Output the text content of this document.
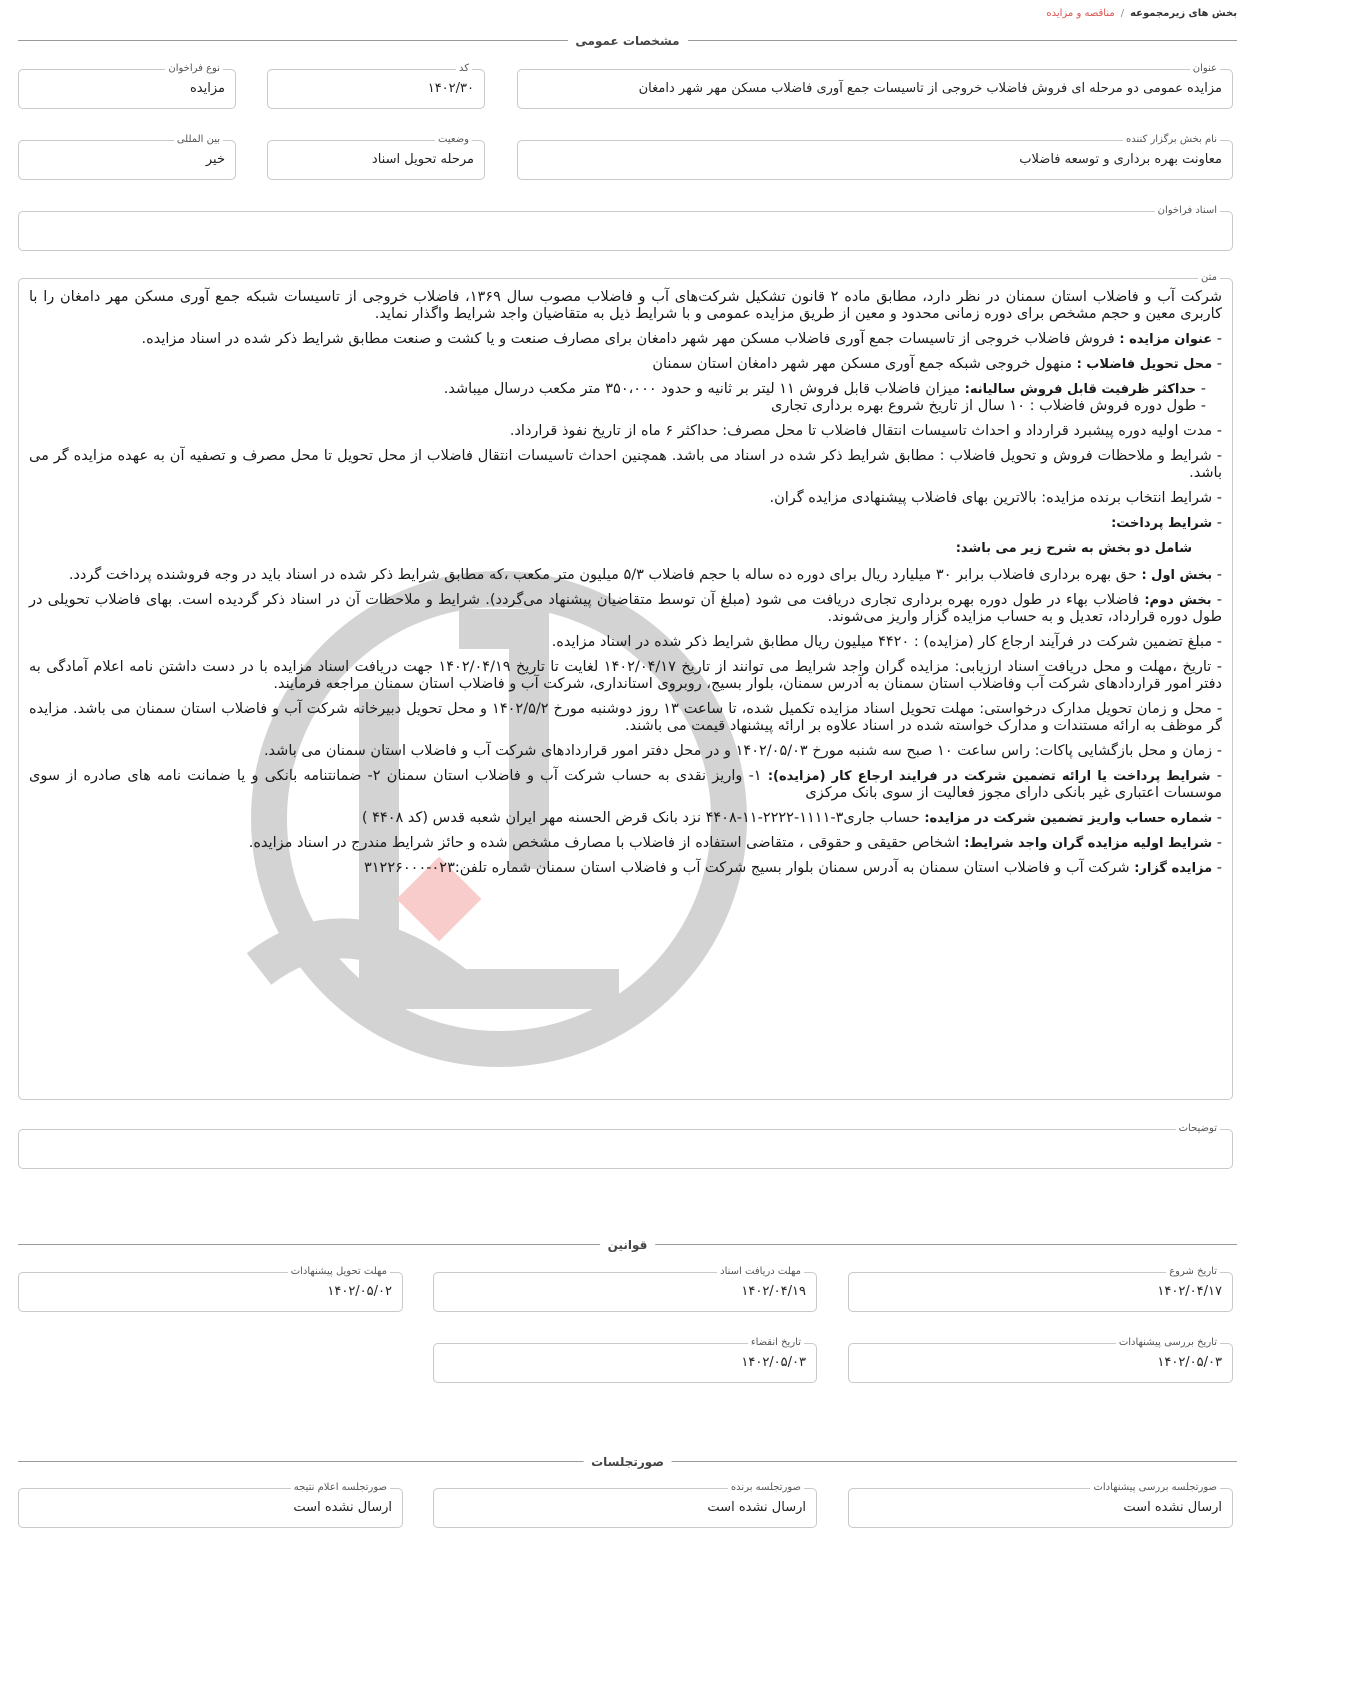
بخش های زیرمجموعه
/
مناقصه و مزایده
مشخصات عمومی
عنوان
مزایده عمومی دو مرحله ای فروش فاضلاب خروجی از تاسیسات جمع آوری فاضلاب مسکن مهر شهر دامغان
کد
۱۴۰۲/۳۰
نوع فراخوان
مزایده
نام بخش برگزار کننده
معاونت بهره برداری و توسعه فاضلاب
وضعیت
مرحله تحویل اسناد
بین المللی
خیر
اسناد فراخوان
متن

شرکت آب و فاضلاب استان سمنان در نظر دارد، مطابق ماده ۲ قانون تشکیل شرکت‌های آب و فاضلاب مصوب سال ۱۳۶۹، فاضلاب خروجی از تاسیسات شبکه جمع آوری مسکن مهر دامغان را با کاربری معین و حجم مشخص برای دوره زمانی محدود و معین از طریق مزایده عمومی و با شرایط ذیل به متقاضیان واجد شرایط واگذار نماید.

- عنوان مزایده : فروش فاضلاب خروجی از تاسیسات جمع آوری فاضلاب مسکن مهر شهر دامغان برای مصارف صنعت و یا کشت و صنعت مطابق شرایط ذکر شده در اسناد مزایده.

- محل تحویل فاضلاب : منهول خروجی شبکه جمع آوری مسکن مهر شهر دامغان استان سمنان

- حداکثر ظرفیت قابل فروش سالیانه: میزان فاضلاب قابل فروش ۱۱ لیتر بر ثانیه و حدود ۳۵۰،۰۰۰ متر مکعب درسال میباشد.

- طول دوره فروش فاضلاب : ۱۰ سال از تاریخ شروع بهره برداری تجاری

- مدت اولیه دوره پیشبرد قرارداد و احداث تاسیسات انتقال فاضلاب تا محل مصرف: حداکثر ۶ ماه از تاریخ نفوذ قرارداد.

- شرایط و ملاحظات فروش و تحویل فاضلاب : مطابق شرایط ذکر شده در اسناد می باشد. همچنین احداث تاسیسات انتقال فاضلاب از محل تحویل تا محل مصرف و تصفیه آن به عهده مزایده گر می باشد.

- شرایط انتخاب برنده مزایده: بالاترین بهای فاضلاب پیشنهادی مزایده گران.

- شرایط پرداخت:

شامل دو بخش به شرح زیر می باشد:

- بخش اول : حق بهره برداری فاضلاب برابر ۳۰ میلیارد ریال برای دوره ده ساله با حجم فاضلاب ۵/۳ میلیون متر مکعب ،که مطابق شرایط ذکر شده در اسناد باید در وجه فروشنده پرداخت گردد.

- بخش دوم: فاضلاب بهاء در طول دوره بهره برداری تجاری دریافت می شود (مبلغ آن توسط متقاضیان پیشنهاد می‌گردد). شرایط و ملاحظات آن در اسناد ذکر گردیده است. بهای فاضلاب تحویلی در طول دوره قرارداد، تعدیل و به حساب مزایده گزار واریز می‌شوند.

- مبلغ تضمین شرکت در فرآیند ارجاع کار (مزایده) : ۴۴۲۰ میلیون ریال مطابق شرایط ذکر شده در اسناد مزایده.

- تاریخ ،مهلت و محل دریافت اسناد ارزیابی: مزایده گران واجد شرایط می توانند از تاریخ ۱۴۰۲/۰۴/۱۷ لغایت تا تاریخ ۱۴۰۲/۰۴/۱۹ جهت دریافت اسناد مزایده با در دست داشتن نامه اعلام آمادگی به دفتر امور قراردادهای شرکت آب وفاضلاب استان سمنان به آدرس سمنان، بلوار بسیج، روبروی استانداری، شرکت آب و فاضلاب استان سمنان مراجعه فرمایند.

- محل و زمان تحویل مدارک درخواستی: مهلت تحویل اسناد مزایده تکمیل شده، تا ساعت ۱۳ روز دوشنبه مورخ ۱۴۰۲/۵/۲ و محل تحویل دبیرخانه شرکت آب و فاضلاب استان سمنان می باشد. مزایده گر موظف به ارائه مستندات و مدارک خواسته شده در اسناد علاوه بر ارائه پیشنهاد قیمت می باشند.

- زمان و محل بازگشایی پاکات: راس ساعت ۱۰ صبح سه شنبه مورخ ۱۴۰۲/۰۵/۰۳ و در محل دفتر امور قراردادهای شرکت آب و فاضلاب استان سمنان می باشد.

- شرایط پرداخت یا ارائه تضمین شرکت در فرایند ارجاع کار (مزایده): ۱- واریز نقدی به حساب شرکت آب و فاضلاب استان سمنان ۲- ضمانتنامه بانکی و یا ضمانت نامه های صادره از سوی موسسات اعتباری غیر بانکی دارای مجوز فعالیت از سوی بانک مرکزی

- شماره حساب واریز تضمین شرکت در مزایده: حساب جاری۳-۱۱۱۱-۲۲۲۲-۱۱-۴۴۰۸ نزد بانک قرض الحسنه مهر ایران شعبه قدس (کد ۴۴۰۸ )

- شرایط اولیه مزایده گران واجد شرایط: اشخاص حقیقی و حقوقی ، متقاضی استفاده از فاضلاب با مصارف مشخص شده و حائز شرایط مندرج در اسناد مزایده.

- مزایده گزار: شرکت آب و فاضلاب استان سمنان به آدرس سمنان بلوار بسیج شرکت آب و فاضلاب استان سمنان شماره تلفن:۰۲۳-۳۱۲۲۶۰۰۰

توضیحات
قوانین
تاریخ شروع
۱۴۰۲/۰۴/۱۷
مهلت دریافت اسناد
۱۴۰۲/۰۴/۱۹
مهلت تحویل پیشنهادات
۱۴۰۲/۰۵/۰۲
تاریخ بررسی پیشنهادات
۱۴۰۲/۰۵/۰۳
تاریخ انقضاء
۱۴۰۲/۰۵/۰۳
صورتجلسات
صورتجلسه بررسی پیشنهادات
ارسال نشده است
صورتجلسه برنده
ارسال نشده است
صورتجلسه اعلام نتیجه
ارسال نشده است
